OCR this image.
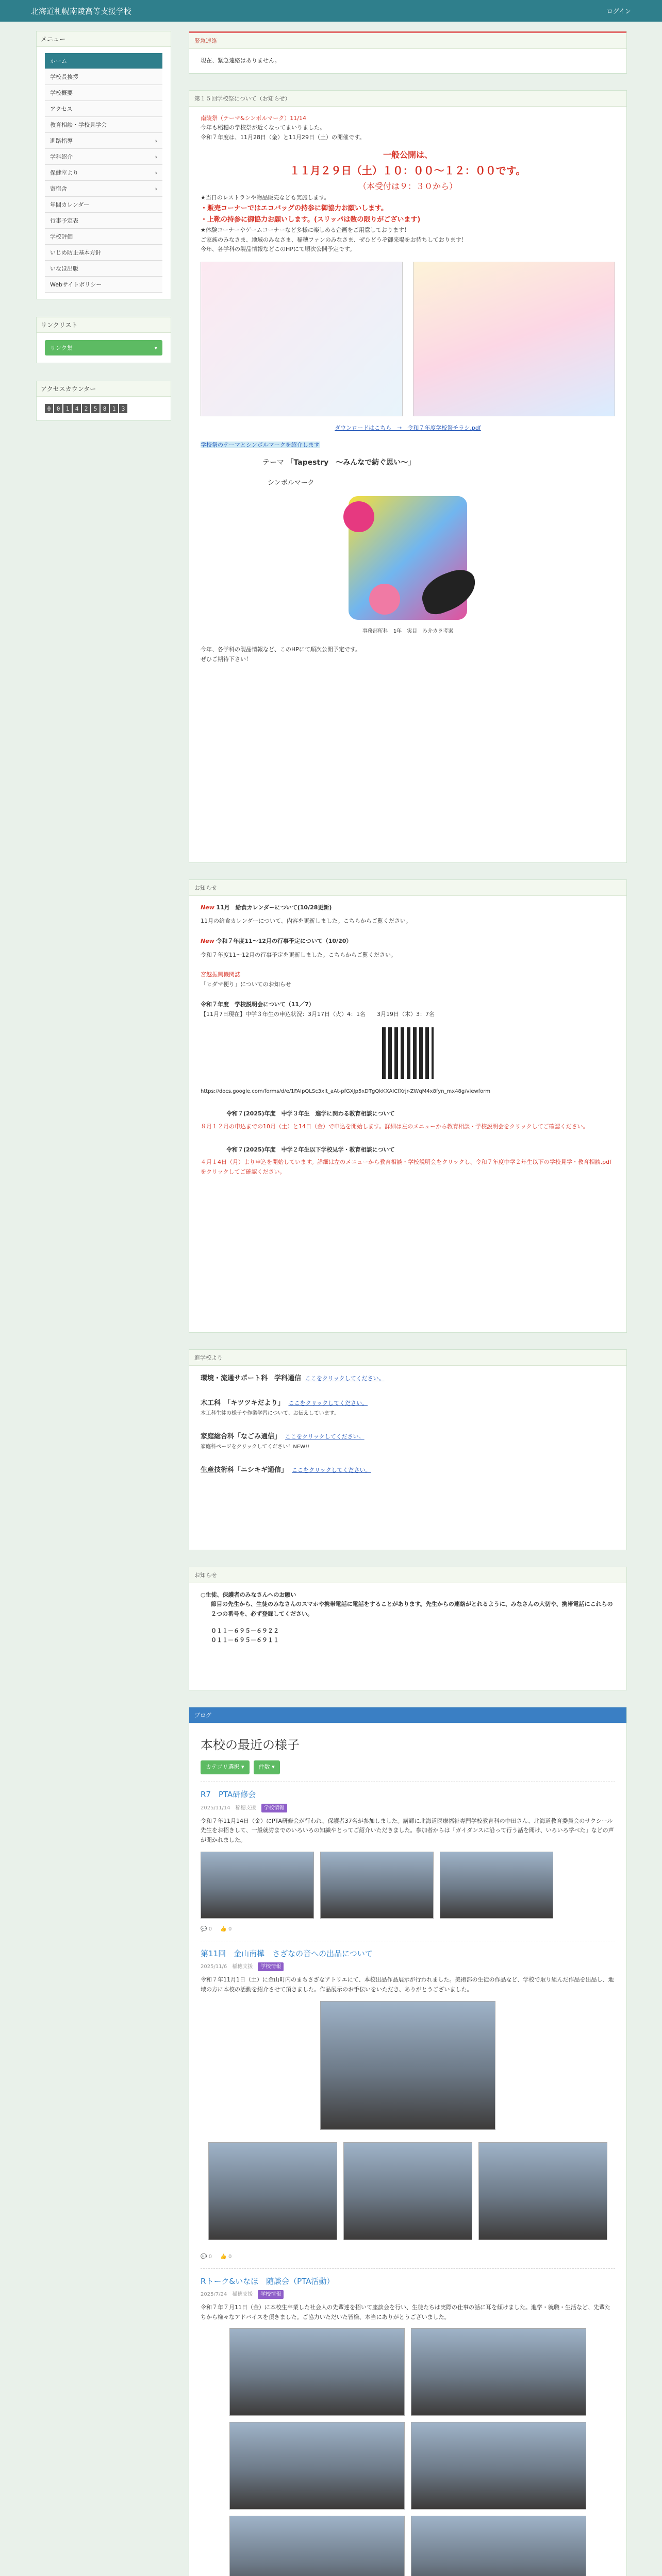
北海道札幌南陵高等支援学校	ログイン
メニュー
ホーム
学校長挨拶
学校概要
アクセス
教育相談・学校見学会
進路指導	›
学科紹介	›
保健室より	›
寄宿舎	›
年間カレンダー
行事予定表
学校評価
いじめ防止基本方針
いなほ出版
Webサイトポリシー
リンクリスト
リンク集	▾
アクセスカウンター
0	0	1	4	2	5	8	1	3
緊急連絡
現在、緊急連絡はありません。
第１５回学校祭について（お知らせ）
南陵祭（テーマ&シンボルマーク）11/14
今年も稲穂の学校祭が近くなってまいりました。
令和７年度は、11月28日（金）と11月29日（土）の開催です。
一般公開は、
１１月２９日（土）１０：００～１２：００です。
（本受付は９：３０から）
★当日のレストランや物品販売なども実施します。
・販売コーナーではエコバッグの持参に御協力お願いします。
・上靴の持参に御協力お願いします。(スリッパは数の限りがございます)
★体験コーナーやゲームコーナーなど多様に楽しめる企画をご用意しております！
ご家族のみなさま、地域のみなさま、稲穂ファンのみなさま、ぜひどうぞ御来場をお待ちしております！
今年、各学科の製品情報などこのHPにて順次公開予定です。
ダウンロードはこちら　→　令和７年度学校祭チラシ.pdf
学校祭のテーマとシンボルマークを紹介します
テーマ 「Tapestry　～みんなで紡ぐ思い～」
シンボルマーク
事務部所科　1年　実目　み介カラ考案
今年、各学科の製品情報など、このHPにて順次公開予定です。
ぜひご期待下さい！
お知らせ
New 11月　給食カレンダーについて(10/28更新)
11月の給食カレンダーについて、内容を更新しました。こちらからご覧ください。
New 令和７年度11～12月の行事予定について（10/20）
令和７年度11～12月の行事予定を更新しました。こちらからご覧ください。
宮越振興機関誌
「ヒダマ便り」についてのお知らせ
令和７年度　学校説明会について（11／7）
【11月7日現在】中学３年生の申込状況：3月17日（火）4：1名　　3月19日（木）3：7名
https://docs.google.com/forms/d/e/1FAIpQLSc3xIt_aAt-pfGXJp5xDTgQkKXAICfXrjr-ZWqM4x8fyn_mx48g/viewform
令和７(2025)年度　中学３年生　進学に関わる教育相談について
８月１２月の申込までの10月（土）と14日（金）で申込を開始します。詳細は左のメニューから教育相談・学校説明会をクリックしてご確認ください。
令和７(2025)年度　中学２年生以下学校見学・教育相談について
４月１4日（月）より申込を開始しています。詳細は左のメニューから教育相談・学校説明会をクリックし、令和７年度中学２年生以下の学校見学・教育相談.pdfをクリックしてご確認ください。
進学校より
環境・流通サポート科　学科通信 ここをクリックしてください。
木工科　「キツツキだより」 ここをクリックしてください。
木工科生徒の様子や作業学習について、お伝えしています。
家庭総合科「なごみ通信」 ここをクリックしてください。
家庭科ページをクリックしてください！NEW!!
生産技術科「ニシキギ通信」 ここをクリックしてください。
お知らせ
○生徒、保護者のみなさんへのお願い
節目の先生から、生徒のみなさんのスマホや携帯電話に電話をすることがあります。先生からの連絡がとれるように、みなさんの大切や、携帯電話にこれらの２つの番号を、必ず登録してください。
０１１－６９５－６９２２
０１１－６９５－６９１１
ブログ
本校の最近の様子
カテゴリ選択 ▾	件数 ▾
R7　PTA研修会
2025/11/14 稲穂支援	学校情報
令和７年11月14日（金）にPTA研修会が行われ、保護者37名が参加しました。講師に北海道医療福祉専門学校教育科の中田さん、北海道教育委員会のサクシール先生をお招きして、一般就労までのいろいろの知識やとってご紹介いただきました。参加者からは「ガイダンスに沿って行う話を聞け、いろいろ学べた」などの声が聞かれました。
💬 0 　 👍 0
第11回　金山南樺　さざなの音への出品について
2025/11/6 稲穂支援	学校情報
令和７年11月1日（土）に金山町内のまちさざなアトリエにて、本校出品作品展示が行われました。美術部の生徒の作品など、学校で取り組んだ作品を出品し、地域の方に本校の活動を紹介させて頂きました。作品展示のお手伝いをいただき、ありがとうございました。
💬 0 　 👍 0
Rトーク&いなほ　随談会（PTA活動）
2025/7/24 稲穂支援	学校情報
令和７年７月11日（金）に本校生卒業した社会人の先輩達を招いて座談会を行い、生徒たちは実際の仕事の話に耳を傾けました。進学・就職・生活など、先輩たちから様々なアドバイスを頂きました。ご協力いただいた皆様、本当にありがとうございました。
